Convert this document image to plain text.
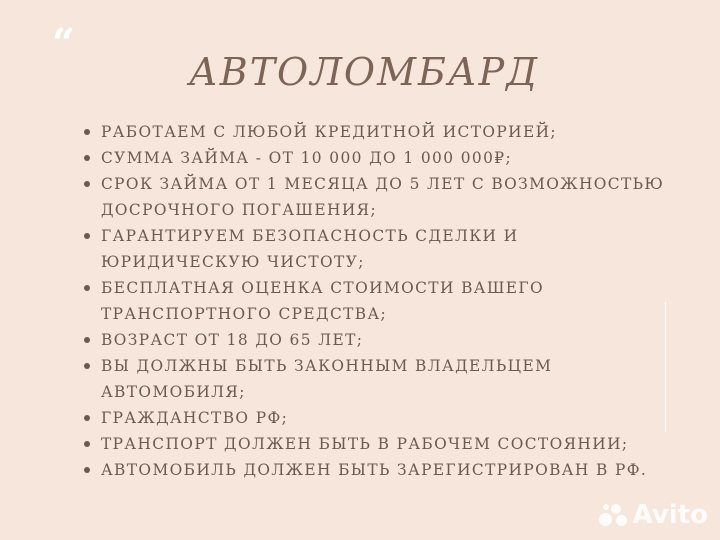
“
АВТОЛОМБАРД
РАБОТАЕМ С ЛЮБОЙ КРЕДИТНОЙ ИСТОРИЕЙ;
СУММА ЗАЙМА - ОТ 10 000 ДО 1 000 000₽;
СРОК ЗАЙМА ОТ 1 МЕСЯЦА ДО 5 ЛЕТ С ВОЗМОЖНОСТЬЮ ДОСРОЧНОГО ПОГАШЕНИЯ;
ГАРАНТИРУЕМ БЕЗОПАСНОСТЬ СДЕЛКИ И ЮРИДИЧЕСКУЮ ЧИСТОТУ;
БЕСПЛАТНАЯ ОЦЕНКА СТОИМОСТИ ВАШЕГО ТРАНСПОРТНОГО СРЕДСТВА;
ВОЗРАСТ ОТ 18 ДО 65 ЛЕТ;
ВЫ ДОЛЖНЫ БЫТЬ ЗАКОННЫМ ВЛАДЕЛЬЦЕМ АВТОМОБИЛЯ;
ГРАЖДАНСТВО РФ;
ТРАНСПОРТ ДОЛЖЕН БЫТЬ В РАБОЧЕМ СОСТОЯНИИ;
АВТОМОБИЛЬ ДОЛЖЕН БЫТЬ ЗАРЕГИСТРИРОВАН В РФ.
Avito
